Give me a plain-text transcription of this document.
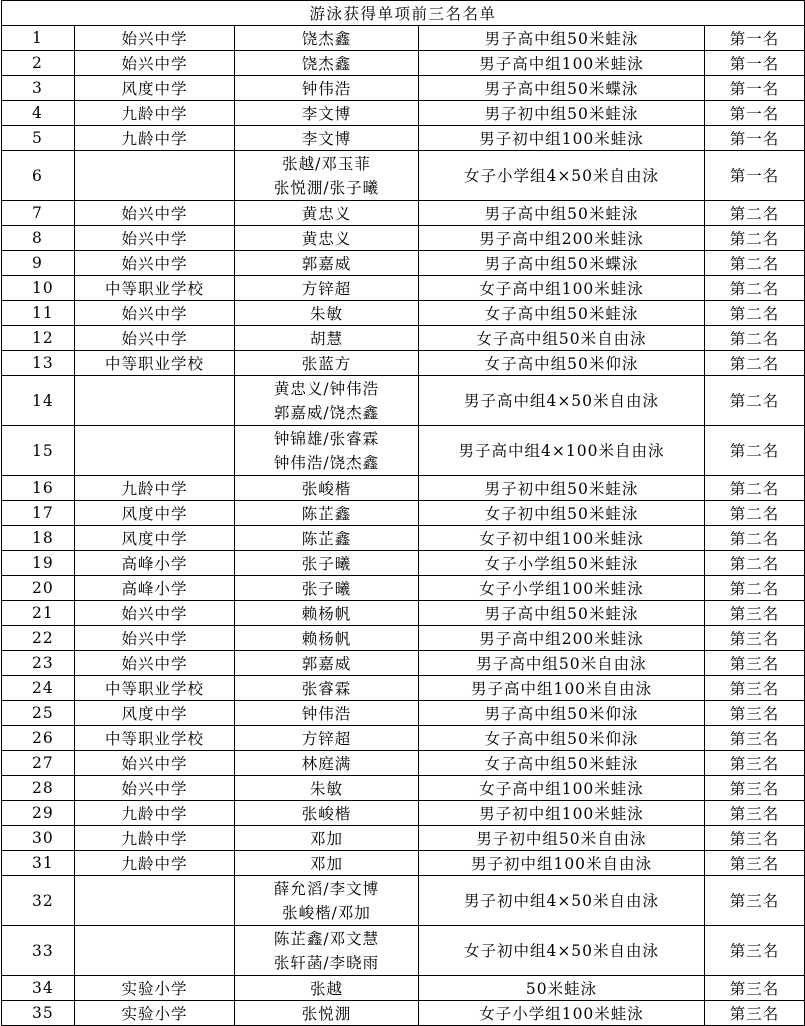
游泳获得单项前三名名单				
1	始兴中学	饶杰鑫	男子高中组50米蛙泳	第一名
2	始兴中学	饶杰鑫	男子高中组100米蛙泳	第一名
3	风度中学	钟伟浩	男子高中组50米蝶泳	第一名
4	九龄中学	李文博	男子初中组50米蛙泳	第一名
5	九龄中学	李文博	男子初中组100米蛙泳	第一名
6		张越/邓玉菲
张悦淜/张子曦	女子小学组4×50米自由泳	第一名
7	始兴中学	黄忠义	男子高中组50米蛙泳	第二名
8	始兴中学	黄忠义	男子高中组200米蛙泳	第二名
9	始兴中学	郭嘉威	男子高中组50米蝶泳	第二名
10	中等职业学校	方锌超	女子高中组100米蛙泳	第二名
11	始兴中学	朱敏	女子高中组50米蛙泳	第二名
12	始兴中学	胡慧	女子高中组50米自由泳	第二名
13	中等职业学校	张蓝方	女子高中组50米仰泳	第二名
14		黄忠义/钟伟浩
郭嘉威/饶杰鑫	男子高中组4×50米自由泳	第二名
15		钟锦雄/张睿霖
钟伟浩/饶杰鑫	男子高中组4×100米自由泳	第二名
16	九龄中学	张峻楷	男子初中组50米蛙泳	第二名
17	风度中学	陈芷鑫	女子初中组50米蛙泳	第二名
18	风度中学	陈芷鑫	女子初中组100米蛙泳	第二名
19	高峰小学	张子曦	女子小学组50米蛙泳	第二名
20	高峰小学	张子曦	女子小学组100米蛙泳	第二名
21	始兴中学	赖杨帆	男子高中组50米蛙泳	第三名
22	始兴中学	赖杨帆	男子高中组200米蛙泳	第三名
23	始兴中学	郭嘉威	男子高中组50米自由泳	第三名
24	中等职业学校	张睿霖	男子高中组100米自由泳	第三名
25	风度中学	钟伟浩	男子高中组50米仰泳	第三名
26	中等职业学校	方锌超	女子高中组50米仰泳	第三名
27	始兴中学	林庭满	女子高中组50米蛙泳	第三名
28	始兴中学	朱敏	女子高中组100米蛙泳	第三名
29	九龄中学	张峻楷	男子初中组100米蛙泳	第三名
30	九龄中学	邓加	男子初中组50米自由泳	第三名
31	九龄中学	邓加	男子初中组100米自由泳	第三名
32		薛允滔/李文博
张峻楷/邓加	男子初中组4×50米自由泳	第三名
33		陈芷鑫/邓文慧
张轩菡/李晓雨	女子初中组4×50米自由泳	第三名
34	实验小学	张越	50米蛙泳	第三名
35	实验小学	张悦淜	女子小学组100米蛙泳	第三名
